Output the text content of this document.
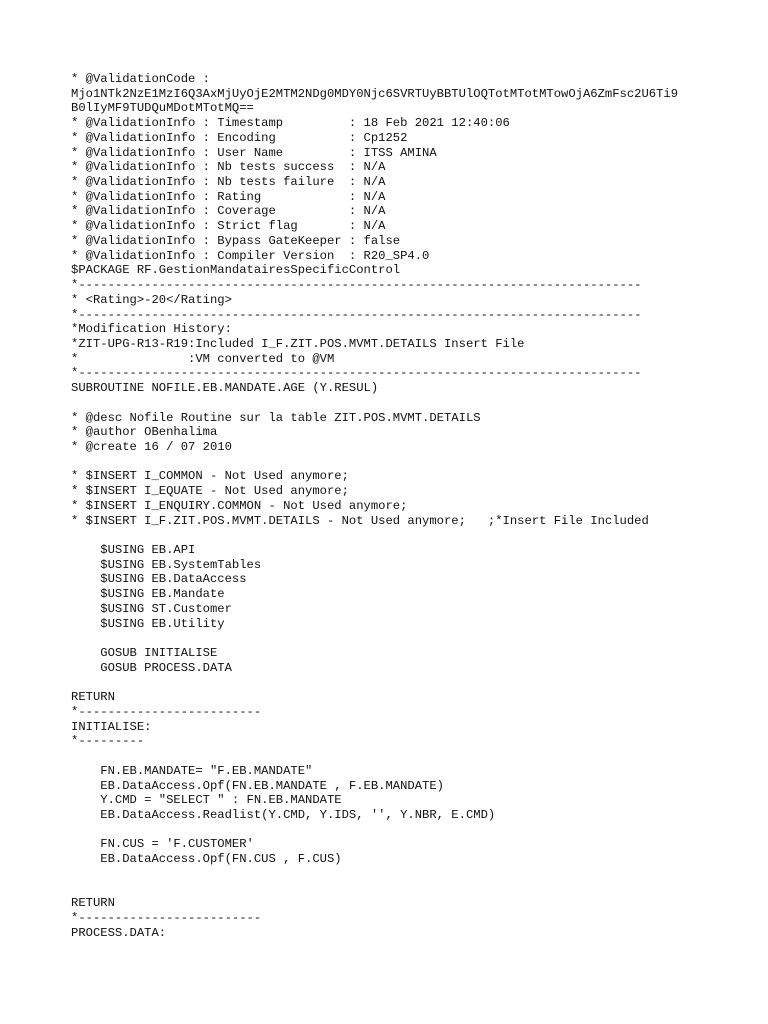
* @ValidationCode :
Mjo1NTk2NzE1MzI6Q3AxMjUyOjE2MTM2NDg0MDY0Njc6SVRTUyBBTUlOQTotMTotMTowOjA6ZmFsc2U6Ti9
B0lIyMF9TUDQuMDotMTotMQ==
* @ValidationInfo : Timestamp         : 18 Feb 2021 12:40:06
* @ValidationInfo : Encoding          : Cp1252
* @ValidationInfo : User Name         : ITSS AMINA
* @ValidationInfo : Nb tests success  : N/A
* @ValidationInfo : Nb tests failure  : N/A
* @ValidationInfo : Rating            : N/A
* @ValidationInfo : Coverage          : N/A
* @ValidationInfo : Strict flag       : N/A
* @ValidationInfo : Bypass GateKeeper : false
* @ValidationInfo : Compiler Version  : R20_SP4.0
$PACKAGE RF.GestionMandatairesSpecificControl
*-----------------------------------------------------------------------------
* <Rating>-20</Rating>
*-----------------------------------------------------------------------------
*Modification History:
*ZIT-UPG-R13-R19:Included I_F.ZIT.POS.MVMT.DETAILS Insert File
*               :VM converted to @VM
*-----------------------------------------------------------------------------
SUBROUTINE NOFILE.EB.MANDATE.AGE (Y.RESUL)
* @desc Nofile Routine sur la table ZIT.POS.MVMT.DETAILS
* @author OBenhalima
* @create 16 / 07 2010
* $INSERT I_COMMON - Not Used anymore;
* $INSERT I_EQUATE - Not Used anymore;
* $INSERT I_ENQUIRY.COMMON - Not Used anymore;
* $INSERT I_F.ZIT.POS.MVMT.DETAILS - Not Used anymore;   ;*Insert File Included
$USING EB.API
$USING EB.SystemTables
$USING EB.DataAccess
$USING EB.Mandate
$USING ST.Customer
$USING EB.Utility
GOSUB INITIALISE
GOSUB PROCESS.DATA
RETURN
*-------------------------
INITIALISE:
*---------
FN.EB.MANDATE= "F.EB.MANDATE"
EB.DataAccess.Opf(FN.EB.MANDATE , F.EB.MANDATE)
Y.CMD = "SELECT " : FN.EB.MANDATE
EB.DataAccess.Readlist(Y.CMD, Y.IDS, '', Y.NBR, E.CMD)
FN.CUS = 'F.CUSTOMER'
EB.DataAccess.Opf(FN.CUS , F.CUS)
RETURN
*-------------------------
PROCESS.DATA:
